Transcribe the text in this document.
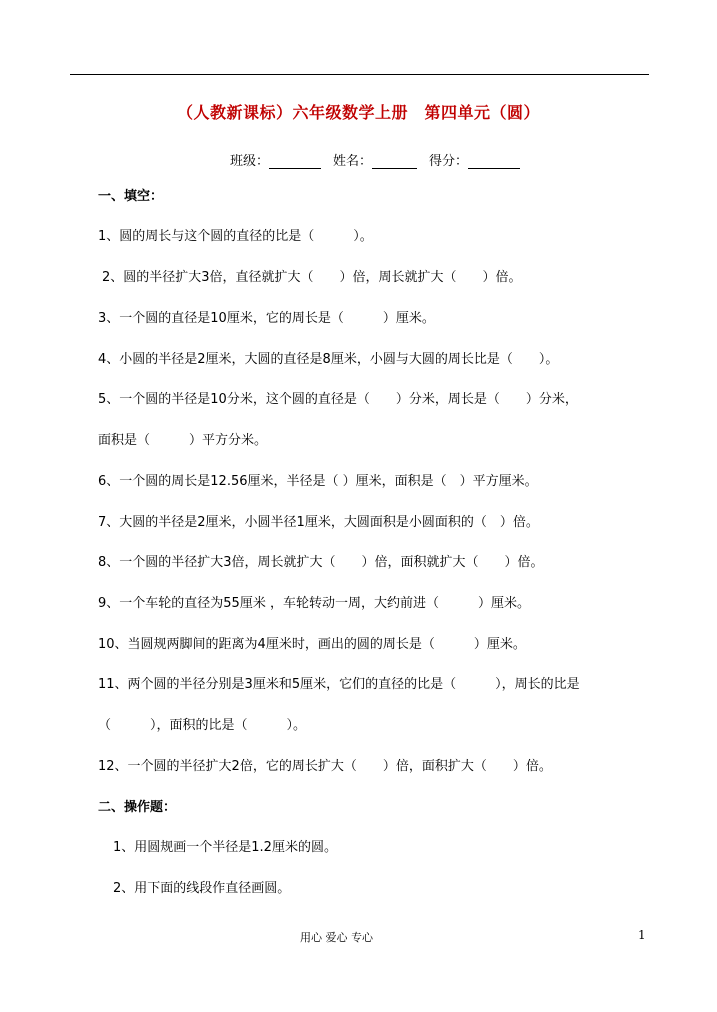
（人教新课标）六年级数学上册　第四单元（圆）
班级：	姓名：	得分：
一、填空：
1、圆的周长与这个圆的直径的比是（　　　）。
2、圆的半径扩大3倍，直径就扩大（　　）倍，周长就扩大（　　）倍。
3、一个圆的直径是10厘米，它的周长是（　　　）厘米。
4、小圆的半径是2厘米，大圆的直径是8厘米，小圆与大圆的周长比是（　　）。
5、一个圆的半径是10分米，这个圆的直径是（　　）分米，周长是（　　）分米，
面积是（　　　）平方分米。
6、一个圆的周长是12.56厘米，半径是（ ）厘米，面积是（　）平方厘米。
7、大圆的半径是2厘米，小圆半径1厘米，大圆面积是小圆面积的（　）倍。
8、一个圆的半径扩大3倍，周长就扩大（　　）倍，面积就扩大（　　）倍。
9、一个车轮的直径为55厘米 ，车轮转动一周，大约前进（　　　）厘米。
10、当圆规两脚间的距离为4厘米时，画出的圆的周长是（　　　）厘米。
11、两个圆的半径分别是3厘米和5厘米，它们的直径的比是（　　　），周长的比是
（　　　），面积的比是（　　　）。
12、一个圆的半径扩大2倍，它的周长扩大（　　）倍，面积扩大（　　）倍。
二、操作题：
1、用圆规画一个半径是1.2厘米的圆。
2、用下面的线段作直径画圆。
用心 爱心 专心	1
